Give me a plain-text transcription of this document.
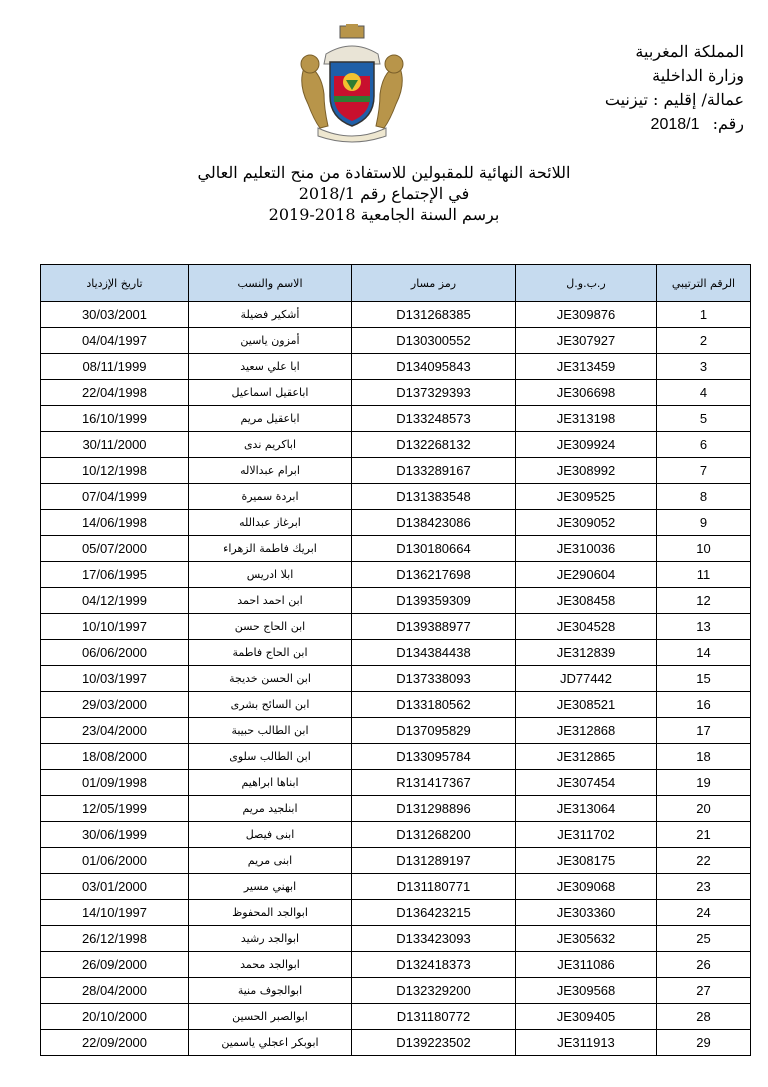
المملكة المغربية
وزارة الداخلية
عمالة/ إقليم : تيزنيت
رقم: 2018/1
اللائحة النهائية للمقبولين للاستفادة من منح التعليم العالي
في الإجتماع رقم 2018/1
برسم السنة الجامعية 2018-2019
الرقم الترتيبي	ر.ب.و.ل	رمز مسار	الاسم والنسب	تاريخ الإزدياد
1	JE309876	D131268385	أشكير فضيلة	30/03/2001
2	JE307927	D130300552	أمزون ياسين	04/04/1997
3	JE313459	D134095843	ابا علي سعيد	08/11/1999
4	JE306698	D137329393	اباعقيل اسماعيل	22/04/1998
5	JE313198	D133248573	اباعقيل مريم	16/10/1999
6	JE309924	D132268132	اباكريم ندى	30/11/2000
7	JE308992	D133289167	ابرام عبدالاله	10/12/1998
8	JE309525	D131383548	ابردة سميرة	07/04/1999
9	JE309052	D138423086	ابرغاز عبدالله	14/06/1998
10	JE310036	D130180664	ابريك فاطمة الزهراء	05/07/2000
11	JE290604	D136217698	ابلا ادريس	17/06/1995
12	JE308458	D139359309	ابن احمد احمد	04/12/1999
13	JE304528	D139388977	ابن الحاج حسن	10/10/1997
14	JE312839	D134384438	ابن الحاج فاطمة	06/06/2000
15	JD77442	D137338093	ابن الحسن خديجة	10/03/1997
16	JE308521	D133180562	ابن السائح بشرى	29/03/2000
17	JE312868	D137095829	ابن الطالب حبيبة	23/04/2000
18	JE312865	D133095784	ابن الطالب سلوى	18/08/2000
19	JE307454	R131417367	ابناها ابراهيم	01/09/1998
20	JE313064	D131298896	ابنلجيد مريم	12/05/1999
21	JE311702	D131268200	ابنى فيصل	30/06/1999
22	JE308175	D131289197	ابنى مريم	01/06/2000
23	JE309068	D131180771	ابهني مسير	03/01/2000
24	JE303360	D136423215	ابوالجد المحفوظ	14/10/1997
25	JE305632	D133423093	ابوالجد رشيد	26/12/1998
26	JE311086	D132418373	ابوالجد محمد	26/09/2000
27	JE309568	D132329200	ابوالجوف منية	28/04/2000
28	JE309405	D131180772	ابوالصبر الحسين	20/10/2000
29	JE311913	D139223502	ابوبكر اعجلي ياسمين	22/09/2000
